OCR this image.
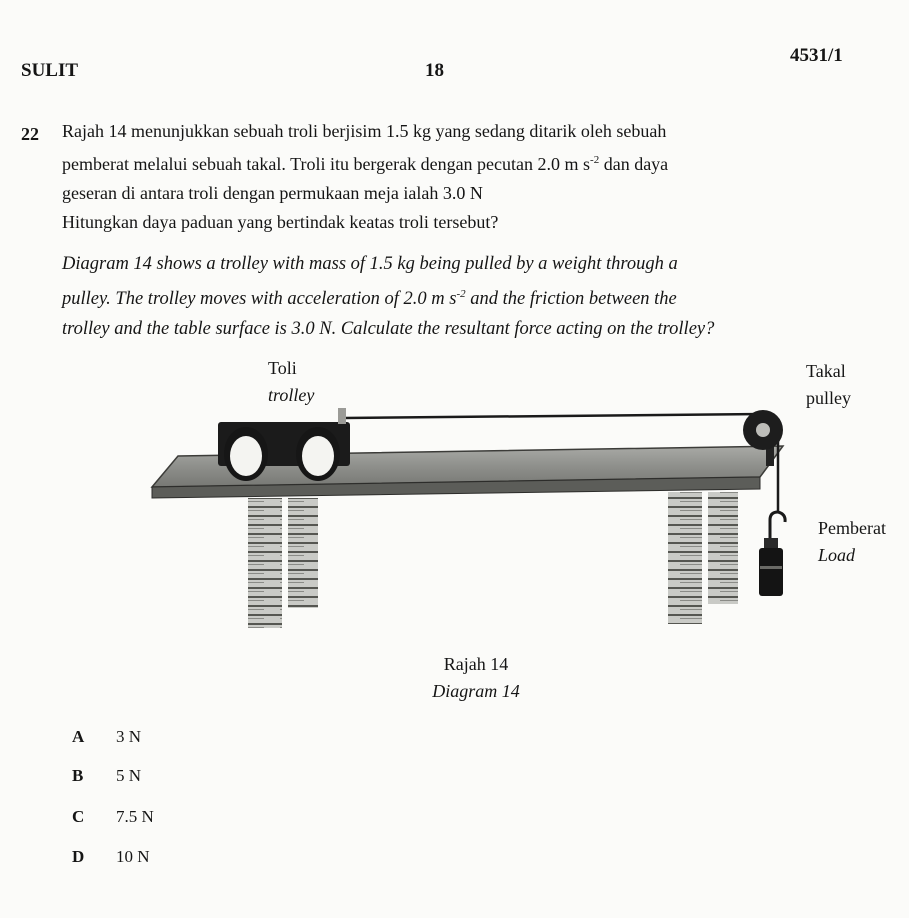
SULIT	18
4531/1
22 Rajah 14 menunjukkan sebuah troli berjisim 1.5 kg yang sedang ditarik oleh sebuah
pemberat melalui sebuah takal. Troli itu bergerak dengan pecutan 2.0 m $s^{-2}$ dan daya
geseran di antara troli dengan permukaan meja ialah 3.0 N
Hitungkan daya paduan yang bertindak keatas troli tersebut?
Diagram 14 shows a trolley with mass of 1.5 kg being pulled by a weight through a
pulley. The trolley moves with acceleration of 2.0 m $s^{-2}$ and the friction between the
trolley and the table surface is 3.0 N. Calculate the resultant force acting on the trolley?
Toli
trolley
Takal
pulley
Pemberat
Load
Rajah 14
Diagram 14
A 3 N
B 5 N
C 7.5 N
D 10 N
